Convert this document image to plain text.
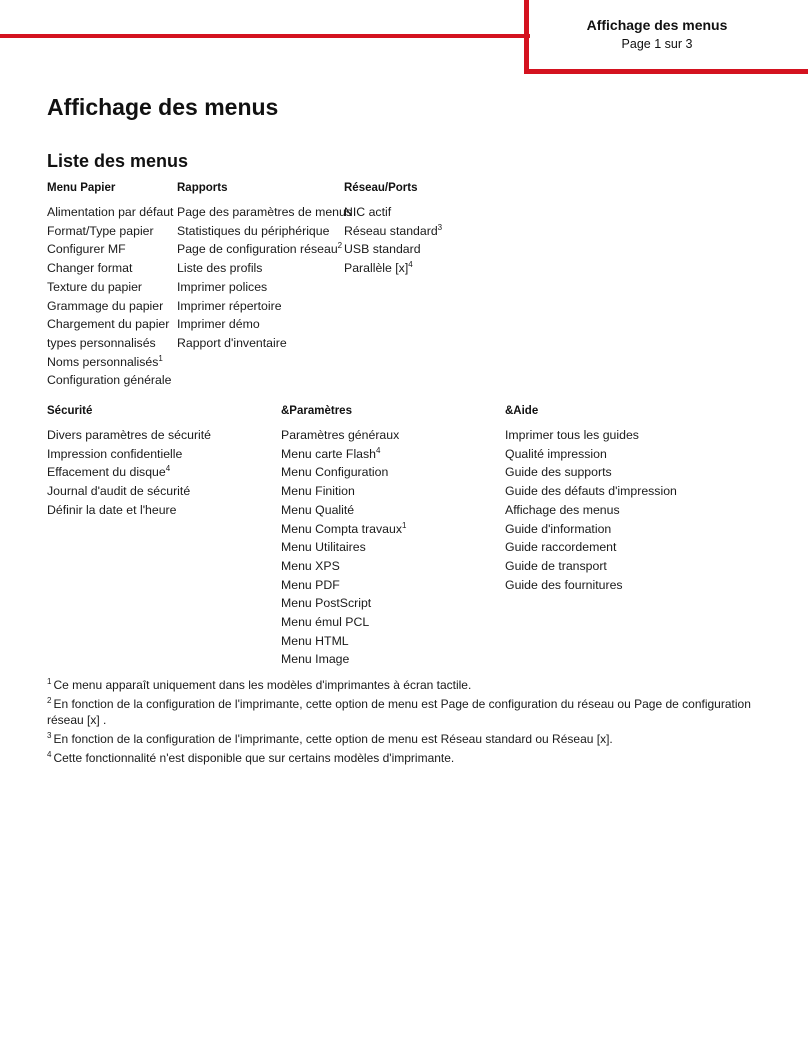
Affichage des menus
Page 1 sur 3
Affichage des menus
Liste des menus
Menu Papier
Alimentation par défaut
Format/Type papier
Configurer MF
Changer format
Texture du papier
Grammage du papier
Chargement du papier
types personnalisés
Noms personnalisés$^1$
Configuration générale
Rapports
Page des paramètres de menus
Statistiques du périphérique
Page de configuration réseau$^2$
Liste des profils
Imprimer polices
Imprimer répertoire
Imprimer démo
Rapport d'inventaire
Réseau/Ports
NIC actif
Réseau standard$^3$
USB standard
Parallèle $[x]^4$
Sécurité
Divers paramètres de sécurité
Impression confidentielle
Effacement du disque$^4$
Journal d'audit de sécurité
Définir la date et l'heure
&Paramètres
Paramètres généraux
Menu carte Flash$^4$
Menu Configuration
Menu Finition
Menu Qualité
Menu Compta travaux$^1$
Menu Utilitaires
Menu XPS
Menu PDF
Menu PostScript
Menu émul PCL
Menu HTML
Menu Image
&Aide
Imprimer tous les guides
Qualité impression
Guide des supports
Guide des défauts d'impression
Affichage des menus
Guide d'information
Guide raccordement
Guide de transport
Guide des fournitures

$^1$ Ce menu apparaît uniquement dans les modèles d'imprimantes à écran tactile.

$^2$ En fonction de la configuration de l'imprimante, cette option de menu est Page de configuration du réseau ou Page de configuration réseau [x] .

$^3$ En fonction de la configuration de l'imprimante, cette option de menu est Réseau standard ou Réseau [x].

$^4$ Cette fonctionnalité n'est disponible que sur certains modèles d'imprimante.
